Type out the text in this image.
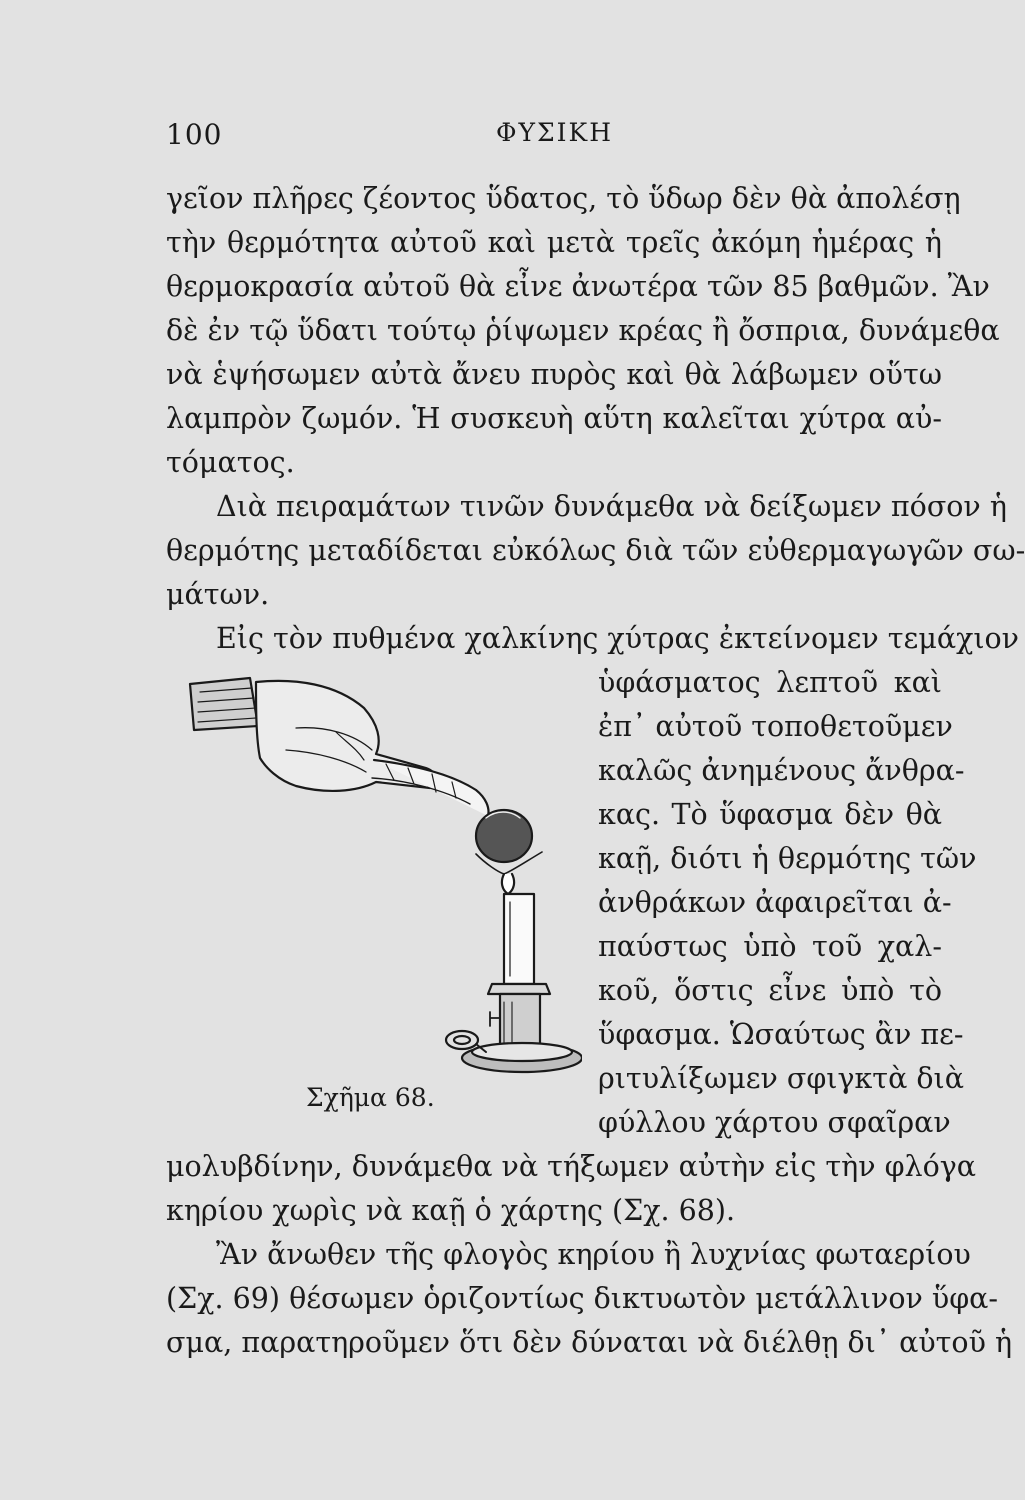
100	ΦΥΣΙΚΗ
γεῖον πλῆρες ζέοντος ὕδατος, τὸ ὕδωρ δὲν θὰ ἀπολέσῃ
τὴν θερμότητα αὐτοῦ καὶ μετὰ τρεῖς ἀκόμη ἡμέρας ἡ
θερμοκρασία αὐτοῦ θὰ εἶνε ἀνωτέρα τῶν 85 βαθμῶν. Ἂν
δὲ ἐν τῷ ὕδατι τούτῳ ῥίψωμεν κρέας ἢ ὄσπρια, δυνάμεθα
νὰ ἑψήσωμεν αὐτὰ ἄνευ πυρὸς καὶ θὰ λάβωμεν οὕτω
λαμπρὸν ζωμόν. Ἡ συσκευὴ αὕτη καλεῖται χύτρα αὐ-
τόματος.
Διὰ πειραμάτων τινῶν δυνάμεθα νὰ δείξωμεν πόσον ἡ
θερμότης μεταδίδεται εὐκόλως διὰ τῶν εὐθερμαγωγῶν σω-
μάτων.
Εἰς τὸν πυθμένα χαλκίνης χύτρας ἐκτείνομεν τεμάχιον
ὑφάσματος λεπτοῦ καὶ
ἐπ᾽ αὐτοῦ τοποθετοῦμεν
καλῶς ἀνημένους ἄνθρα-
κας. Τὸ ὕφασμα δὲν θὰ
καῇ, διότι ἡ θερμότης τῶν
ἀνθράκων ἀφαιρεῖται ἀ-
παύστως ὑπὸ τοῦ χαλ-
κοῦ, ὅστις εἶνε ὑπὸ τὸ
ὕφασμα. Ὡσαύτως ἂν πε-
ριτυλίξωμεν σφιγκτὰ διὰ
φύλλου χάρτου σφαῖραν
μολυβδίνην, δυνάμεθα νὰ τήξωμεν αὐτὴν εἰς τὴν φλόγα
κηρίου χωρὶς νὰ καῇ ὁ χάρτης (Σχ. 68).
Ἂν ἄνωθεν τῆς φλογὸς κηρίου ἢ λυχνίας φωταερίου
(Σχ. 69) θέσωμεν ὁριζοντίως δικτυωτὸν μετάλλινον ὕφα-
σμα, παρατηροῦμεν ὅτι δὲν δύναται νὰ διέλθῃ δι᾽ αὐτοῦ ἡ
Σχῆμα 68.
